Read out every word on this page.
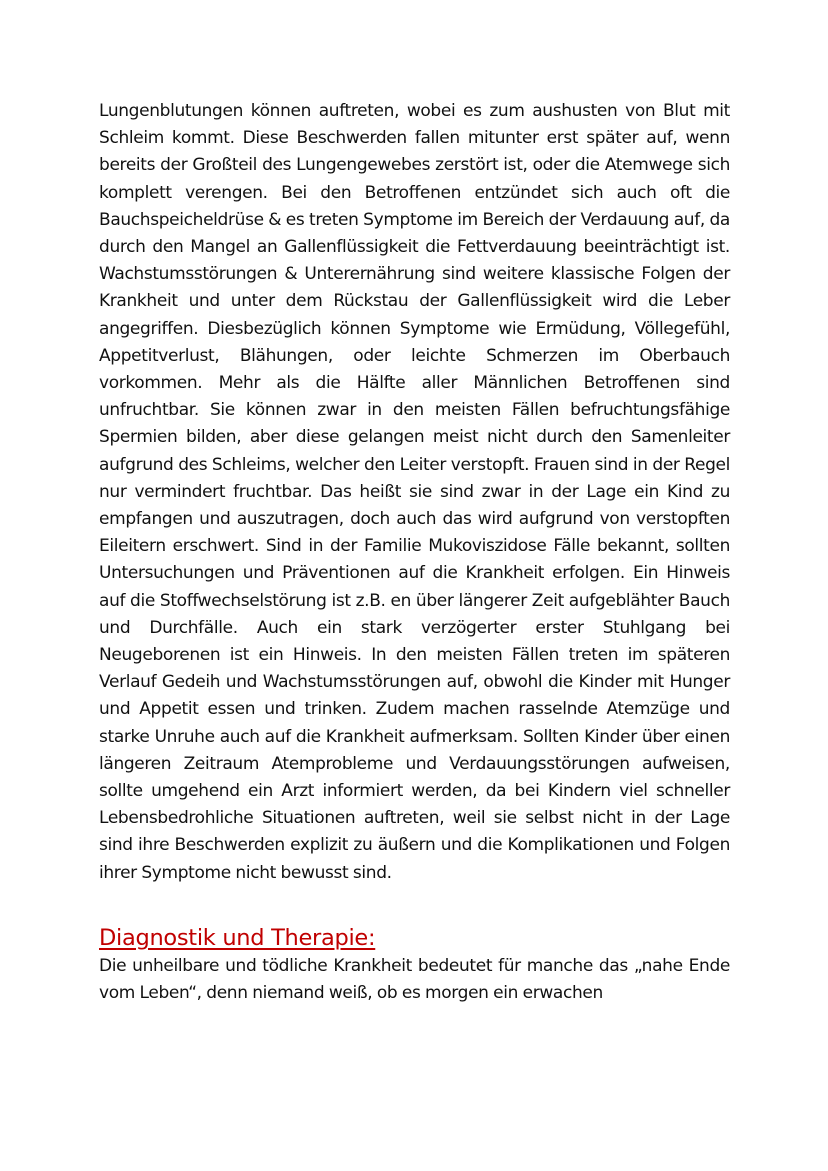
Lungenblutungen können auftreten, wobei es zum aushusten von Blut mit Schleim kommt. Diese Beschwerden fallen mitunter erst später auf, wenn bereits der Großteil des Lungengewebes zerstört ist, oder die Atemwege sich komplett verengen. Bei den Betroffenen entzündet sich auch oft die Bauchspeicheldrüse & es treten Symptome im Bereich der Verdauung auf, da durch den Mangel an Gallenflüssigkeit die Fettverdauung beeinträchtigt ist. Wachstumsstörungen & Unterernährung sind weitere klassische Folgen der Krankheit und unter dem Rückstau der Gallenflüssigkeit wird die Leber angegriffen. Diesbezüglich können Symptome wie Ermüdung, Völlegefühl, Appetitverlust, Blähungen, oder leichte Schmerzen im Oberbauch vorkommen. Mehr als die Hälfte aller Männlichen Betroffenen sind unfruchtbar. Sie können zwar in den meisten Fällen befruchtungsfähige Spermien bilden, aber diese gelangen meist nicht durch den Samenleiter aufgrund des Schleims, welcher den Leiter verstopft. Frauen sind in der Regel nur vermindert fruchtbar. Das heißt sie sind zwar in der Lage ein Kind zu empfangen und auszutragen, doch auch das wird aufgrund von verstopften Eileitern erschwert. Sind in der Familie Mukoviszidose Fälle bekannt, sollten Untersuchungen und Präventionen auf die Krankheit erfolgen. Ein Hinweis auf die Stoffwechselstörung ist z.B. en über längerer Zeit aufgeblähter Bauch und Durchfälle. Auch ein stark verzögerter erster Stuhlgang bei Neugeborenen ist ein Hinweis. In den meisten Fällen treten im späteren Verlauf Gedeih und Wachstumsstörungen auf, obwohl die Kinder mit Hunger und Appetit essen und trinken. Zudem machen rasselnde Atemzüge und starke Unruhe auch auf die Krankheit aufmerksam. Sollten Kinder über einen längeren Zeitraum Atemprobleme und Verdauungsstörungen aufweisen, sollte umgehend ein Arzt informiert werden, da bei Kindern viel schneller Lebensbedrohliche Situationen auftreten, weil sie selbst nicht in der Lage sind ihre Beschwerden explizit zu äußern und die Komplikationen und Folgen ihrer Symptome nicht bewusst sind.

Diagnostik und Therapie:

Die unheilbare und tödliche Krankheit bedeutet für manche das „nahe Ende vom Leben“, denn niemand weiß, ob es morgen ein erwachen
